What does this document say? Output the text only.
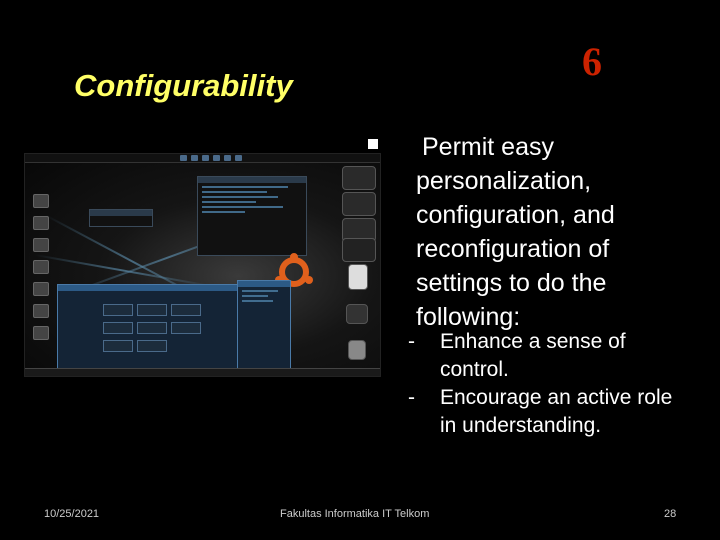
6
Configurability
Permit easy
personalization,
configuration, and
reconfiguration of
settings to do the
following:
- Enhance a sense of control.
- Encourage an active role in understanding.
10/25/2021	Fakultas Informatika IT Telkom	28
